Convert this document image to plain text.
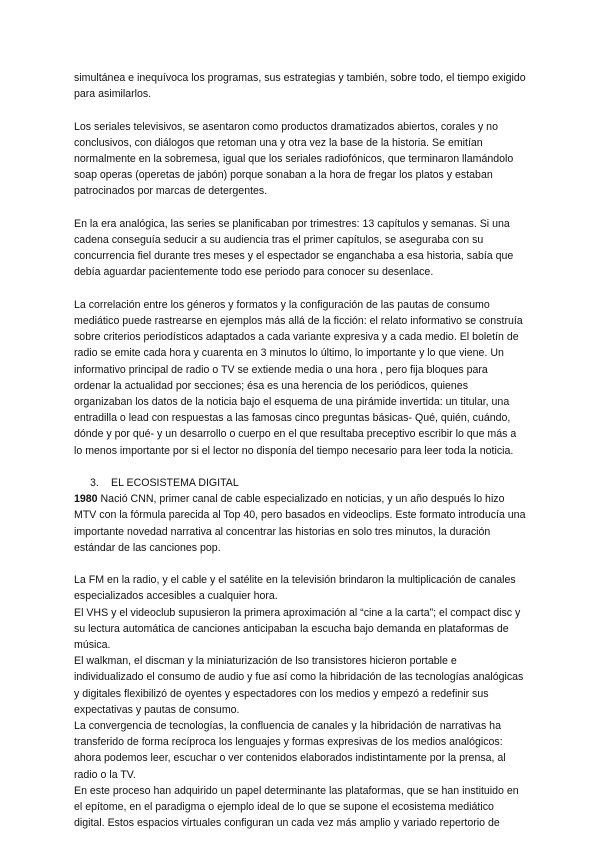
simultánea e inequívoca los programas, sus estrategias y también, sobre todo, el tiempo exigido para asimilarlos.

Los seriales televisivos, se asentaron como productos dramatizados abiertos, corales y no conclusivos, con diálogos que retoman una y otra vez la base de la historia. Se emitían normalmente en la sobremesa, igual que los seriales radiofónicos, que terminaron llamándolo soap operas (operetas de jabón) porque sonaban a la hora de fregar los platos y estaban patrocinados por marcas de detergentes.

En la era analógica, las series se planificaban por trimestres: 13 capítulos y semanas. Si una cadena conseguía seducir a su audiencia tras el primer capítulos, se aseguraba con su concurrencia fiel durante tres meses y el espectador se enganchaba a esa historia, sabía que debía aguardar pacientemente todo ese periodo para conocer su desenlace.

La correlación entre los géneros y formatos y la configuración de las pautas de consumo mediático puede rastrearse en ejemplos más allá de la ficción: el relato informativo se construía sobre criterios periodísticos adaptados a cada variante expresiva y a cada medio. El boletín de radio se emite cada hora y cuarenta en 3 minutos lo último, lo importante y lo que viene. Un informativo principal de radio o TV se extiende media o una hora , pero fija bloques para ordenar la actualidad por secciones; ésa es una herencia de los periódicos, quienes organizaban los datos de la noticia bajo el esquema de una pirámide invertida: un titular, una entradilla o lead con respuestas a las famosas cinco preguntas básicas- Qué, quién, cuándo, dónde y por qué- y un desarrollo o cuerpo en el que resultaba preceptivo escribir lo que más a lo menos importante por si el lector no disponía del tiempo necesario para leer toda la noticia.

3.	EL ECOSISTEMA DIGITAL

1980 Nació CNN, primer canal de cable especializado en noticias, y un año después lo hizo MTV con la fórmula parecida al Top 40, pero basados en videoclips. Este formato introducía una importante novedad narrativa al concentrar las historias en solo tres minutos, la duración estándar de las canciones pop.

La FM en la radio, y el cable y el satélite en la televisión brindaron la multiplicación de canales especializados accesibles a cualquier hora.

El VHS y el videoclub supusieron la primera aproximación al “cine a la carta”; el compact disc y su lectura automática de canciones anticipaban la escucha bajo demanda en plataformas de música.

El walkman, el discman y la miniaturización de lso transistores hicieron portable e individualizado el consumo de audio y fue así como la hibridación de las tecnologías analógicas y digitales flexibilizó de oyentes y espectadores con los medios y empezó a redefinir sus expectativas y pautas de consumo.

La convergencia de tecnologías, la confluencia de canales y la hibridación de narrativas ha transferido de forma recíproca los lenguajes y formas expresivas de los medios analógicos: ahora podemos leer, escuchar o ver contenidos elaborados indistintamente por la prensa, al radio o la TV.

En este proceso han adquirido un papel determinante las plataformas, que se han instituido en el epítome, en el paradigma o ejemplo ideal de lo que se supone el ecosistema mediático digital. Estos espacios virtuales configuran un cada vez más amplio y variado repertorio de
